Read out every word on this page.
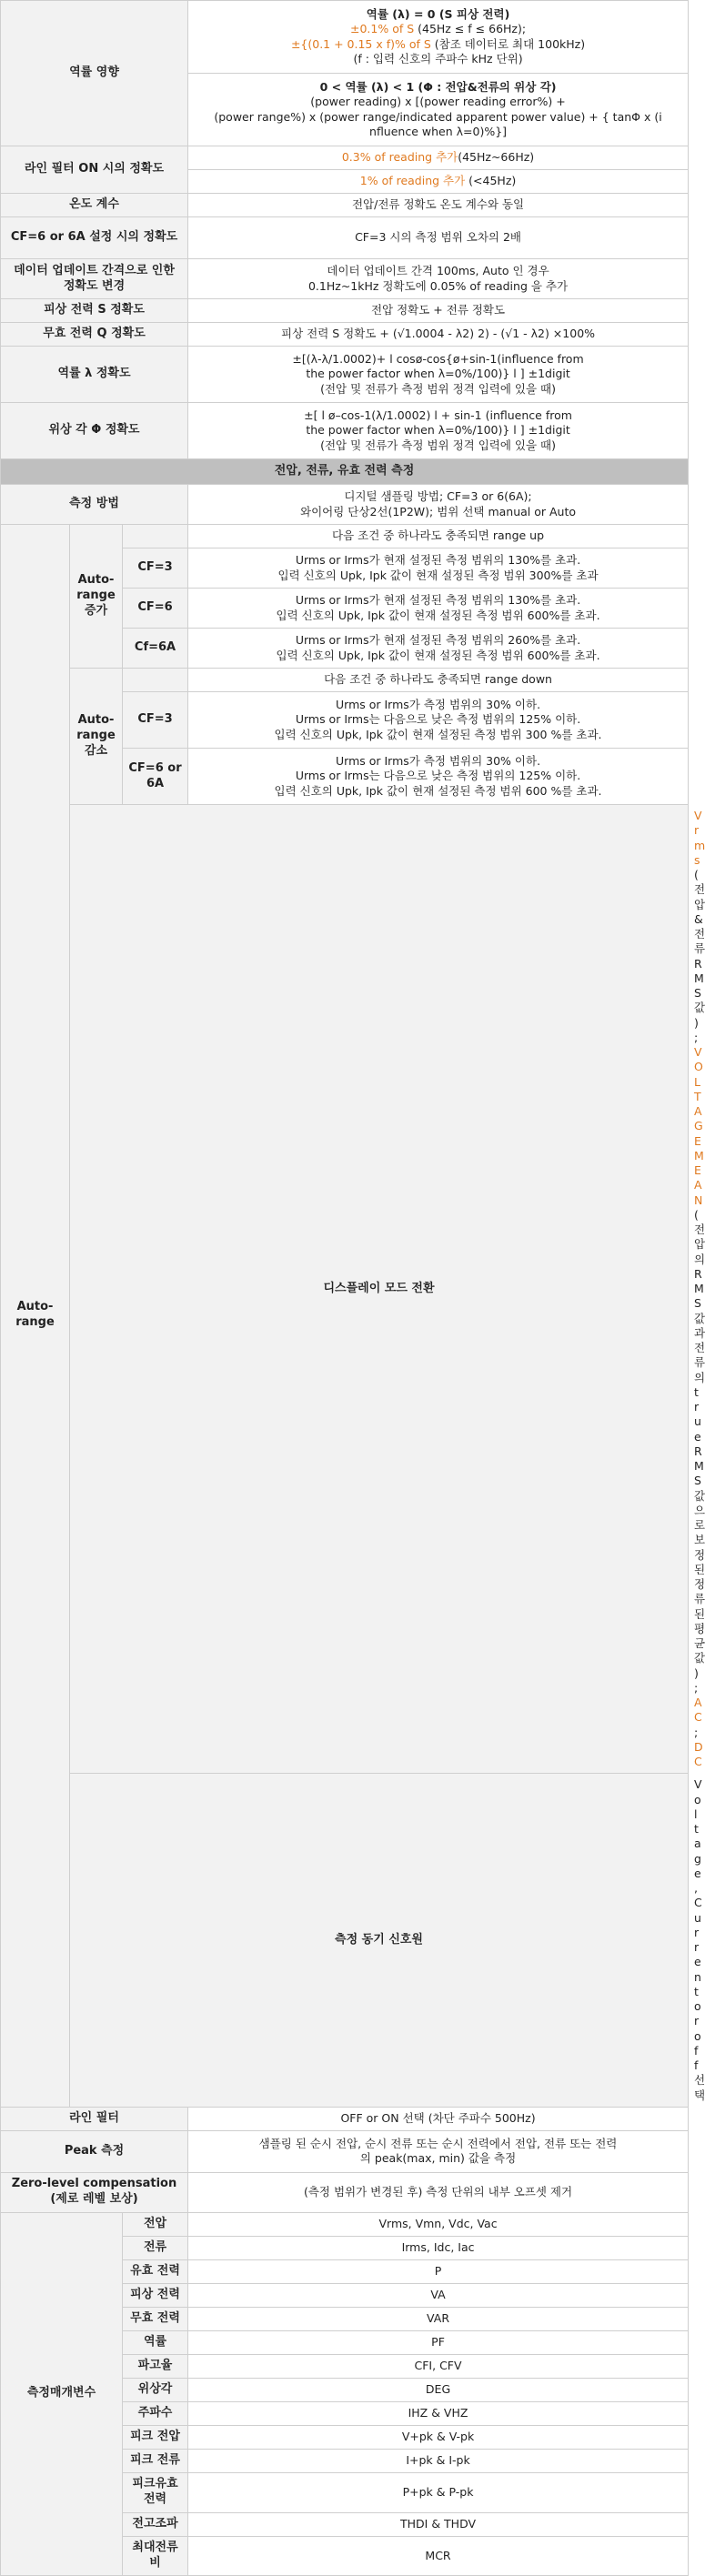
역률 영향			역률 (λ) = 0 (S 피상 전력)
±0.1% of S (45Hz ≤ f ≤ 66Hz);
±{(0.1 + 0.15 x f)% of S (참조 데이터로 최대 100kHz)
(f : 입력 신호의 주파수 kHz 단위)	

			0 < 역률 (λ) < 1 (Φ : 전압&전류의 위상 각)
(power reading) x [(power reading error%) +
(power range%) x (power range/indicated apparent power value) + { tanΦ x (i
nfluence when λ=0)%}]	

라인 필터 ON 시의 정확도			0.3% of reading 추가(45Hz~66Hz)	
			1% of reading 추가 (<45Hz)	
온도 계수			전압/전류 정확도 온도 계수와 동일	

CF=6 or 6A 설정 시의 정확도			CF=3 시의 측정 범위 오차의 2배	

데이터 업데이트 간격으로 인한 정확도 변경			데이터 업데이트 간격 100ms, Auto 인 경우
0.1Hz~1kHz 정확도에 0.05% of reading 을 추가	

피상 전력 S 정확도			전압 정확도 + 전류 정확도	

무효 전력 Q 정확도			피상 전력 S 정확도 + (√1.0004 - λ2) 2) - (√1 - λ2) ×100%	

역률 λ 정확도			±[(λ-λ/1.0002)+ l cosø-cos{ø+sin-1(influence from
the power factor when λ=0%/100)} l ] ±1digit
(전압 및 전류가 측정 범위 정격 입력에 있을 때)	

위상 각 Φ 정확도			±[ l ø–cos-1(λ/1.0002) l + sin-1 (influence from
the power factor when λ=0%/100)} l ] ±1digit
(전압 및 전류가 측정 범위 정격 입력에 있을 때)	

전압, 전류, 유효 전력 측정				
측정 방법			디지털 샘플링 방법; CF=3 or 6(6A);
와이어링 단상2선(1P2W); 범위 선택 manual or Auto	

Auto-range	Auto-range 증가		다음 조건 중 하나라도 충족되면 range up	
		CF=3	Urms or Irms가 현재 설정된 측정 범위의 130%를 초과.
입력 신호의 Upk, Ipk 값이 현재 설정된 측정 범위 300%를 초과	

		CF=6	Urms or Irms가 현재 설정된 측정 범위의 130%를 초과.
입력 신호의 Upk, Ipk 값이 현재 설정된 측정 범위 600%를 초과.	

		Cf=6A	Urms or Irms가 현재 설정된 측정 범위의 260%를 초과.
입력 신호의 Upk, Ipk 값이 현재 설정된 측정 범위 600%를 초과.	

	Auto-range 감소		다음 조건 중 하나라도 충족되면 range down	
		CF=3	Urms or Irms가 측정 범위의 30% 이하.
Urms or Irms는 다음으로 낮은 측정 범위의 125% 이하.
입력 신호의 Upk, Ipk 값이 현재 설정된 측정 범위 300 %를 초과.	

		CF=6 or 6A	Urms or Irms가 측정 범위의 30% 이하.
Urms or Irms는 다음으로 낮은 측정 범위의 125% 이하.
입력 신호의 Upk, Ipk 값이 현재 설정된 측정 범위 600 %를 초과.	

	디스플레이 모드 전환			Vrms (전압 & 전류 RMS 값);
VOLTAGE MEAN (전압의 RMS 값과 전류의 true RMS 값으로 보정 된 정류 된 평균 값); AC; DC

	측정 동기 신호원			Voltage, Current or off 선택

라인 필터			OFF or ON 선택 (차단 주파수 500Hz)	

Peak 측정			샘플링 된 순시 전압, 순시 전류 또는 순시 전력에서 전압, 전류 또는 전력
의 peak(max, min) 값을 측정	

Zero-level compensation (제로 레벨 보상)			(측정 범위가 변경된 후) 측정 단위의 내부 오프셋 제거	

측정매개변수		전압	Vrms, Vmn, Vdc, Vac	
		전류	Irms, Idc, Iac	
		유효 전력	P	
		피상 전력	VA	
		무효 전력	VAR	
		역률	PF	
		파고율	CFI, CFV	
		위상각	DEG	
		주파수	IHZ & VHZ	
		피크 전압	V+pk & V-pk	
		피크 전류	I+pk & I-pk	
		피크유효전력	P+pk & P-pk	
		전고조파	THDI & THDV	
		최대전류비	MCR	
